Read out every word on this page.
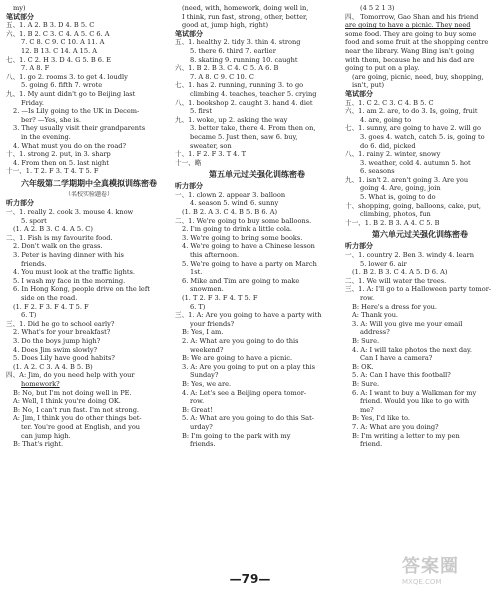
my)
笔试部分
五、1. A 2. B 3. D 4. B 5. C
六、1. B 2. C 3. C 4. A 5. C 6. A
7. C 8. C 9. C 10. A 11. A
12. B 13. C 14. A 15. A
七、1. C 2. H 3. D 4. G 5. B 6. E
7. A 8. F
八、1. go 2. rooms 3. to get 4. loudly
5. going 6. fifth 7. wrote
九、1. My aunt didn't go to Beijing last
Friday.
2. —Is Lily going to the UK in Decem-
ber? —Yes, she is.
3. They usually visit their grandparents
in the evening.
4. What must you do on the road?
十、1. strong 2. put, in 3. sharp
4. From then on 5. last night
十一、1. T 2. F 3. T 4. T 5. F
六年级第二学期期中全真模拟训练密卷
（名校实验题卷）
听力部分
一、1. really 2. cook 3. mouse 4. know
5. sport
(1. A 2. B 3. C 4. A 5. C)
二、1. Fish is my favourite food.
2. Don't walk on the grass.
3. Peter is having dinner with his
friends.
4. You must look at the traffic lights.
5. I wash my face in the morning.
6. In Hong Kong, people drive on the left
side on the road.
(1. F 2. F 3. F 4. T 5. F
6. T)
三、1. Did he go to school early?
2. What's for your breakfast?
3. Do the boys jump high?
4. Does Jim swim slowly?
5. Does Lily have good habits?
(1. A 2. C 3. A 4. B 5. B)
四、A: Jim, do you need help with your
homework?
B: No, but I'm not doing well in PE.
A: Well, I think you're doing OK.
B: No, I can't run fast. I'm not strong.
A: Jim, I think you do other things bet-
ter. You're good at English, and you
can jump high.
B: That's right.
(need, with, homework, doing well in,
I think, run fast, strong, other, better,
good at, jump high, right)
笔试部分
五、1. healthy 2. tidy 3. thin 4. strong
5. there 6. third 7. earlier
8. skating 9. running 10. caught
六、1. B 2. B 3. C 4. C 5. A 6. B
7. A 8. C 9. C 10. C
七、1. has 2. running, running 3. to go
climbing 4. teaches, teacher 5. crying
八、1. bookshop 2. caught 3. hand 4. diet
5. first
九、1. woke, up 2. asking the way
3. better take, there 4. From then on,
became 5. Just then, saw 6. buy,
sweater, son
十、1. F 2. F 3. T 4. T
十一、略
第五单元过关强化训练密卷
听力部分
一、1. clown 2. appear 3. balloon
4. season 5. wind 6. sunny
(1. B 2. A 3. C 4. B 5. B 6. A)
二、1. We're going to buy some balloons.
2. I'm going to drink a little cola.
3. We're going to bring some books.
4. We're going to have a Chinese lesson
this afternoon.
5. We're going to have a party on March
1st.
6. Mike and Tim are going to make
snowmen.
(1. T 2. F 3. F 4. T 5. F
6. T)
三、1. A: Are you going to have a party with
your friends?
B: Yes, I am.
2. A: What are you going to do this
weekend?
B: We are going to have a picnic.
3. A: Are you going to put on a play this
Sunday?
B: Yes, we are.
4. A: Let's see a Beijing opera tomor-
row.
B: Great!
5. A: What are you going to do this Sat-
urday?
B: I'm going to the park with my
friends.
(4 5 2 1 3)
四、 Tomorrow, Gao Shan and his friend
are going to have a picnic. They need
some food. They are going to buy some
food and some fruit at the shopping centre
near the library. Wang Bing isn't going
with them, because he and his dad are
going to put on a play.
(are going, picnic, need, buy, shopping,
isn't, put)
笔试部分
五、1. C 2. C 3. C 4. B 5. C
六、1. am 2. are, to do 3. Is, going, fruit
4. are, going to
七、1. sunny, are going to have 2. will go
3. goes 4. watch, catch 5. is, going to
do 6. did, picked
八、1. rainy 2. winter, snowy
3. weather, cold 4. autumn 5. hot
6. seasons
九、1. isn't 2. aren't going 3. Are you
going 4. Are, going, join
5. What is, going to do
十、shopping, going, balloons, cake, put,
climbing, photos, fun
十一、1. B 2. B 3. A 4. C 5. B
第六单元过关强化训练密卷
听力部分
一、1. country 2. Ben 3. windy 4. learn
5. lower 6. air
(1. B 2. B 3. C 4. A 5. D 6. A)
二、1. We will water the trees.
三、1. A: I'll go to a Halloween party tomor-
row.
B: Here's a dress for you.
A: Thank you.
3. A: Will you give me your email
address?
B: Sure.
4. A: I will take photos the next day.
Can I have a camera?
B: OK.
5. A: Can I have this football?
B: Sure.
6. A: I want to buy a Walkman for my
friend. Would you like to go with
me?
B: Yes, I'd like to.
7. A: What are you doing?
B: I'm writing a letter to my pen
friend.
—79—
答案圈
MXQE.COM
